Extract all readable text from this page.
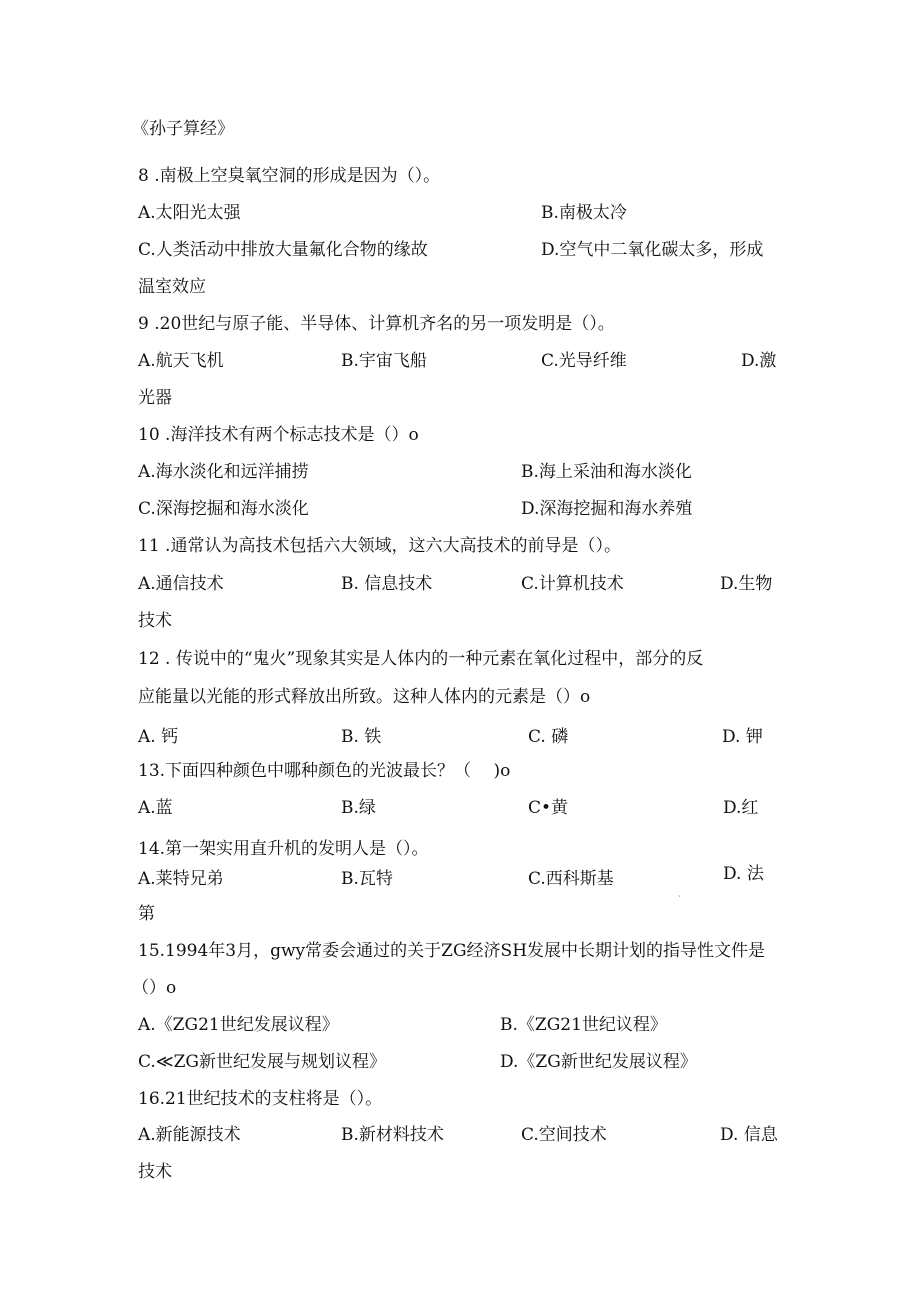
《孙子算经》
8 .南极上空臭氧空洞的形成是因为（）。
A.太阳光太强	B.南极太冷
C.人类活动中排放大量氟化合物的缘故	D.空气中二氧化碳太多，形成
温室效应
9 .20世纪与原子能、半导体、计算机齐名的另一项发明是（）。
A.航天飞机	B.宇宙飞船	C.光导纤维	D.激
光器
10 .海洋技术有两个标志技术是（）o
A.海水淡化和远洋捕捞	B.海上采油和海水淡化
C.深海挖掘和海水淡化	D.深海挖掘和海水养殖
11 .通常认为高技术包括六大领域，这六大高技术的前导是（）。
A.通信技术	B. 信息技术	C.计算机技术	D.生物
技术
12 . 传说中的“鬼火”现象其实是人体内的一种元素在氧化过程中，部分的反
应能量以光能的形式释放出所致。这种人体内的元素是（）o
A. 钙	B. 铁	C. 磷	D. 钾
13.下面四种颜色中哪种颜色的光波最长？（　 )o
A.蓝	B.绿	C•黄	D.红
14.第一架实用直升机的发明人是（）。
A.莱特兄弟	B.瓦特	C.西科斯基	D. 法
ˎ
第
15.1994年3月，gwy常委会通过的关于ZG经济SH发展中长期计划的指导性文件是
（）o
A.《ZG21世纪发展议程》	B.《ZG21世纪议程》
C.≪ZG新世纪发展与规划议程》	D.《ZG新世纪发展议程》
16.21世纪技术的支柱将是（）。
A.新能源技术	B.新材料技术	C.空间技术	D. 信息
技术
